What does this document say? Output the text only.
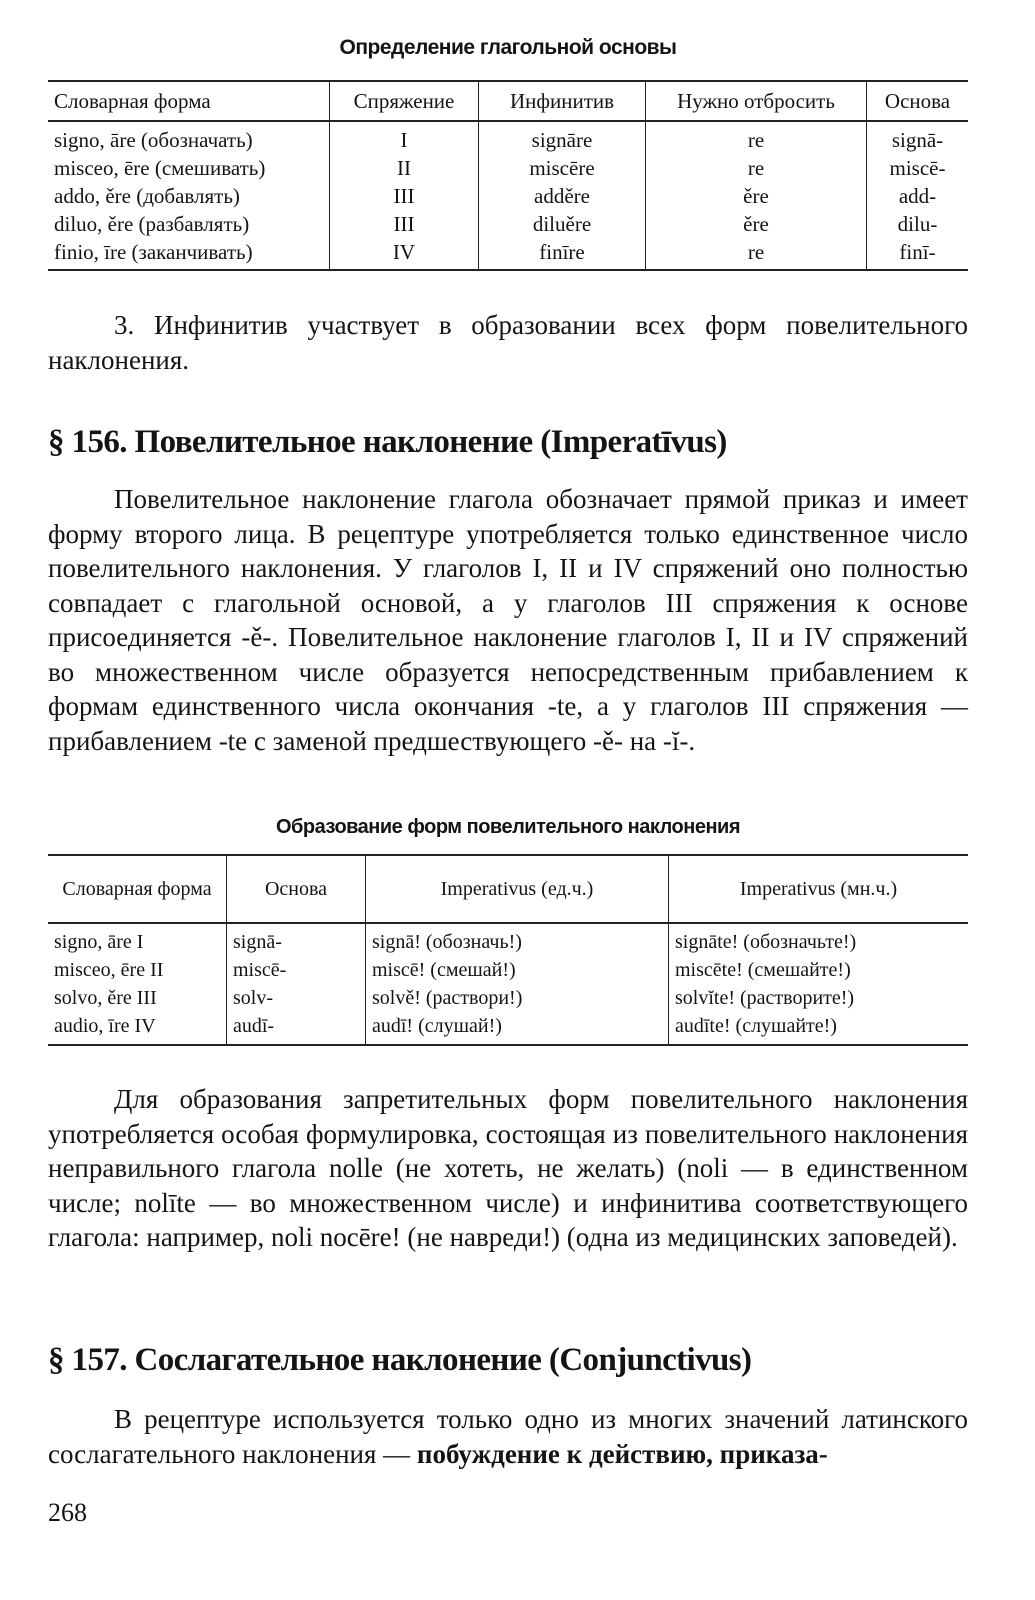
Определение глагольной основы
Словарная форма	Спряжение	Инфинитив	Нужно отбросить	Основа
signo, āre (обозначать)	I	signāre	re	signā-
misceo, ēre (смешивать)	II	miscēre	re	miscē-
addo, ěre (добавлять)	III	adděre	ěre	add-
diluo, ěre (разбавлять)	III	diluěre	ěre	dilu-
finio, īre (заканчивать)	IV	finīre	re	finī-

3. Инфинитив участвует в образовании всех форм повелительного наклонения.

§ 156. Повелительное наклонение (Imperatīvus)

Повелительное наклонение глагола обозначает прямой приказ и имеет форму второго лица. В рецептуре употребляется только единственное число повелительного наклонения. У глаголов I, II и IV спряжений оно полностью совпадает с глагольной основой, а у глаголов III спряжения к основе присоединяется -ě-. Повелительное наклонение глаголов I, II и IV спряжений во множественном числе образуется непосредственным прибавлением к формам единственного числа окончания -te, а у глаголов III спряжения — прибавлением -te с заменой предшествующего -ě- на -ĭ-.

Образование форм повелительного наклонения
Словарная форма	Основа	Imperativus (ед.ч.)	Imperativus (мн.ч.)
signo, āre I	signā-	signā! (обозначь!)	signāte! (обозначьте!)
misceo, ēre II	miscē-	miscē! (смешай!)	miscēte! (смешайте!)
solvo, ěre III	solv-	solvě! (раствори!)	solvĭte! (растворите!)
audio, īre IV	audī-	audī! (слушай!)	audīte! (слушайте!)

Для образования запретительных форм повелительного наклонения употребляется особая формулировка, состоящая из повелительного наклонения неправильного глагола nolle (не хотеть, не желать) (noli — в единственном числе; nolīte — во множественном числе) и инфинитива соответствующего глагола: например, noli nocēre! (не навреди!) (одна из медицинских заповедей).

§ 157. Сослагательное наклонение (Conjunctivus)

В рецептуре используется только одно из многих значений латинского сослагательного наклонения — побуждение к действию, приказа-

268
